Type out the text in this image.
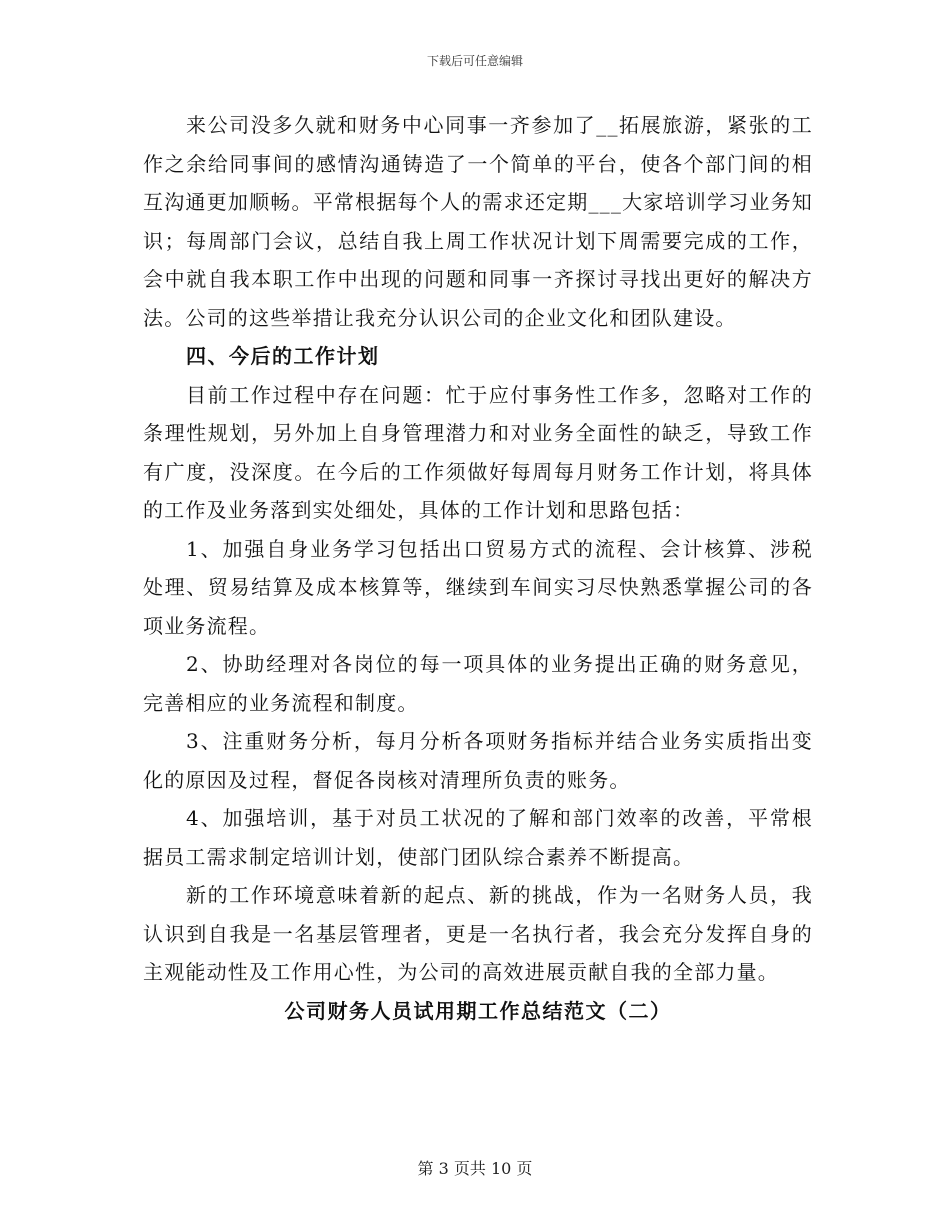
下载后可任意编辑

来公司没多久就和财务中心同事一齐参加了__拓展旅游，紧张的工作之余给同事间的感情沟通铸造了一个简单的平台，使各个部门间的相互沟通更加顺畅。平常根据每个人的需求还定期___大家培训学习业务知识；每周部门会议，总结自我上周工作状况计划下周需要完成的工作，会中就自我本职工作中出现的问题和同事一齐探讨寻找出更好的解决方法。公司的这些举措让我充分认识公司的企业文化和团队建设。

四、今后的工作计划

目前工作过程中存在问题：忙于应付事务性工作多，忽略对工作的条理性规划，另外加上自身管理潜力和对业务全面性的缺乏，导致工作有广度，没深度。在今后的工作须做好每周每月财务工作计划，将具体的工作及业务落到实处细处，具体的工作计划和思路包括：

1、加强自身业务学习包括出口贸易方式的流程、会计核算、涉税处理、贸易结算及成本核算等，继续到车间实习尽快熟悉掌握公司的各项业务流程。

2、协助经理对各岗位的每一项具体的业务提出正确的财务意见，完善相应的业务流程和制度。

3、注重财务分析，每月分析各项财务指标并结合业务实质指出变化的原因及过程，督促各岗核对清理所负责的账务。

4、加强培训，基于对员工状况的了解和部门效率的改善，平常根据员工需求制定培训计划，使部门团队综合素养不断提高。

新的工作环境意味着新的起点、新的挑战，作为一名财务人员，我认识到自我是一名基层管理者，更是一名执行者，我会充分发挥自身的主观能动性及工作用心性，为公司的高效进展贡献自我的全部力量。

公司财务人员试用期工作总结范文（二）

第 3 页共 10 页
